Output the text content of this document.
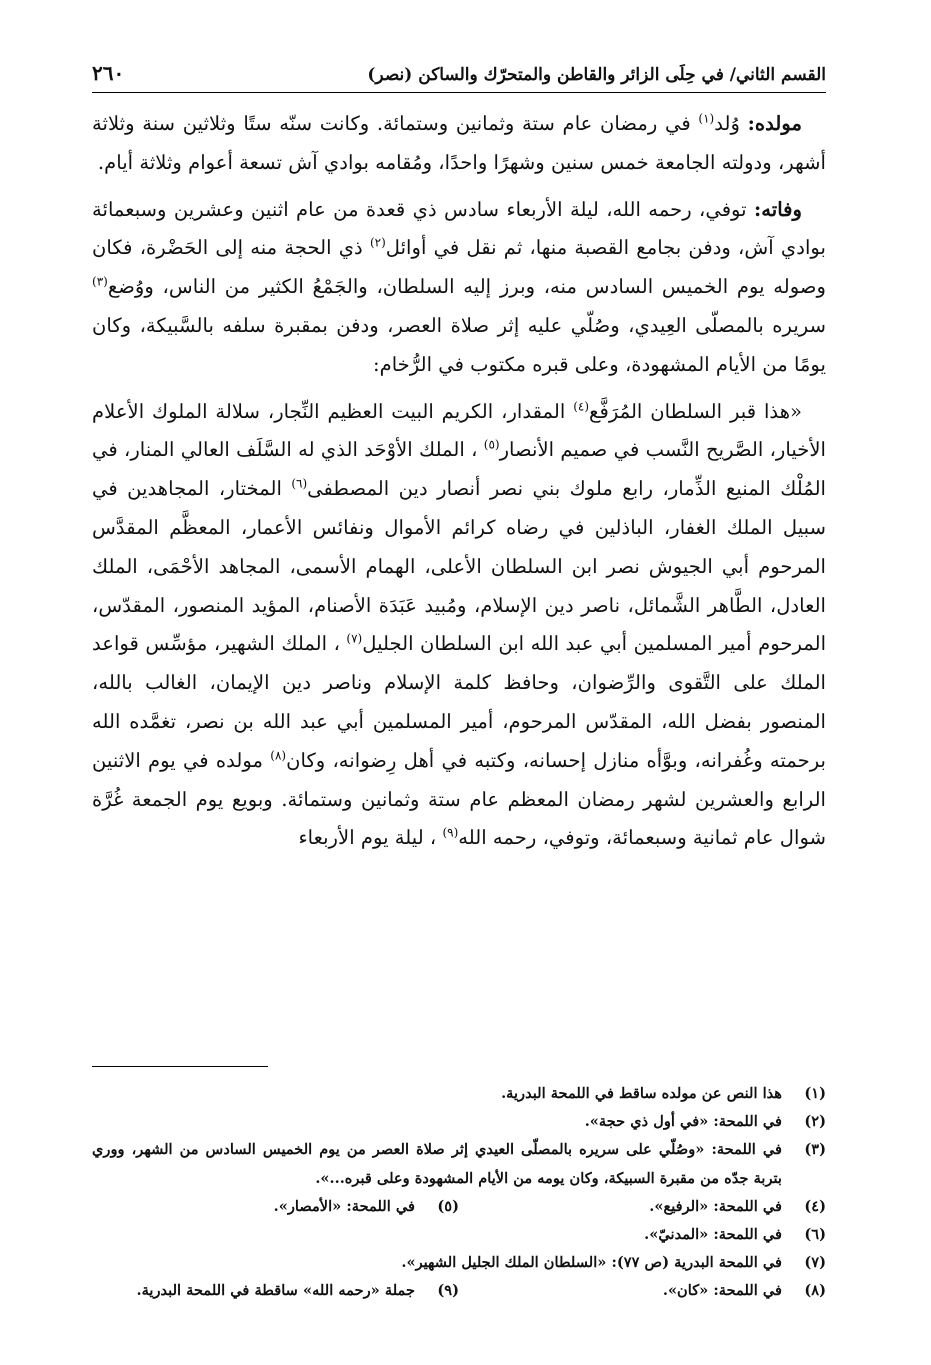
القسم الثاني/ في حِلَى الزائر والقاطن والمتحرّك والساكن (نصر)
٢٦٠

مولده: وُلد$^{(١)}$ في رمضان عام ستة وثمانين وستمائة. وكانت سنّه ستًا وثلاثين سنة وثلاثة أشهر، ودولته الجامعة خمس سنين وشهرًا واحدًا، ومُقامه بوادي آش تسعة أعوام وثلاثة أيام.

وفاته: توفي، رحمه الله، ليلة الأربعاء سادس ذي قعدة من عام اثنين وعشرين وسبعمائة بوادي آش، ودفن بجامع القصبة منها، ثم نقل في أوائل$^{(٢)}$ ذي الحجة منه إلى الحَضْرة، فكان وصوله يوم الخميس السادس منه، وبرز إليه السلطان، والجَمْعُ الكثير من الناس، ووُضع$^{(٣)}$ سريره بالمصلّى العِيدي، وصُلّي عليه إثر صلاة العصر، ودفن بمقبرة سلفه بالسَّبيكة، وكان يومًا من الأيام المشهودة، وعلى قبره مكتوب في الرُّخام:

«هذا قبر السلطان المُرَفَّع$^{(٤)}$ المقدار، الكريم البيت العظيم النِّجار، سلالة الملوك الأعلام الأخيار، الصَّريح النَّسب في صميم الأنصار$^{(٥)}$ ، الملك الأوْحَد الذي له السَّلَف العالي المنار، في المُلْك المنيع الذِّمار، رابع ملوك بني نصر أنصار دين المصطفى$^{(٦)}$ المختار، المجاهدين في سبيل الملك الغفار، الباذلين في رضاه كرائم الأموال ونفائس الأعمار، المعظَّم المقدَّس المرحوم أبي الجيوش نصر ابن السلطان الأعلى، الهمام الأسمى، المجاهد الأحْمَى، الملك العادل، الطَّاهر الشَّمائل، ناصر دين الإسلام، ومُبيد عَبَدَة الأصنام، المؤيد المنصور، المقدّس، المرحوم أمير المسلمين أبي عبد الله ابن السلطان الجليل$^{(٧)}$ ، الملك الشهير، مؤسِّس قواعد الملك على التَّقوى والرِّضوان، وحافظ كلمة الإسلام وناصر دين الإيمان، الغالب بالله، المنصور بفضل الله، المقدّس المرحوم، أمير المسلمين أبي عبد الله بن نصر، تغمَّده الله برحمته وغُفرانه، وبوَّأه منازل إحسانه، وكتبه في أهل رِضوانه، وكان$^{(٨)}$ مولده في يوم الاثنين الرابع والعشرين لشهر رمضان المعظم عام ستة وثمانين وستمائة. وبويع يوم الجمعة غُرَّة شوال عام ثمانية وسبعمائة، وتوفي، رحمه الله$^{(٩)}$ ، ليلة يوم الأربعاء

(١)
هذا النص عن مولده ساقط في اللمحة البدرية.
(٢)
في اللمحة: «في أول ذي حجة».
(٣)
في اللمحة: «وصُلّي على سريره بالمصلّى العيدي إثر صلاة العصر من يوم الخميس السادس من الشهر، ووري بتربة جدّه من مقبرة السبيكة، وكان يومه من الأيام المشهودة وعلى قبره...».
(٤)
في اللمحة: «الرفيع».
(٥)
في اللمحة: «الأمصار».
(٦)
في اللمحة: «المدنيّ».
(٧)
في اللمحة البدرية (ص ٧٧): «السلطان الملك الجليل الشهير».
(٨)
في اللمحة: «كان».
(٩)
جملة «رحمه الله» ساقطة في اللمحة البدرية.
